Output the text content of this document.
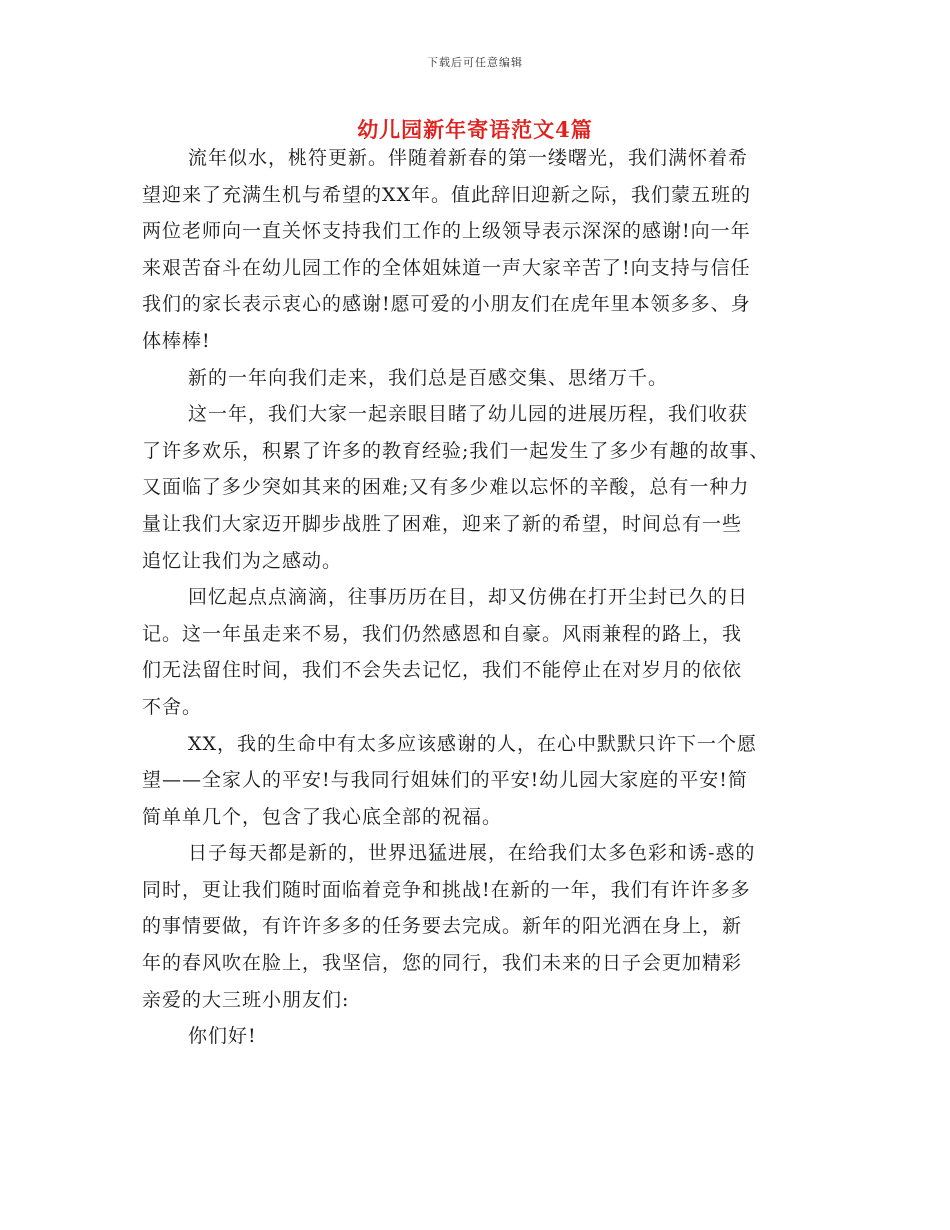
下载后可任意编辑
幼儿园新年寄语范文4篇
流年似水，桃符更新。伴随着新春的第一缕曙光，我们满怀着希
望迎来了充满生机与希望的XX年。值此辞旧迎新之际，我们蒙五班的
两位老师向一直关怀支持我们工作的上级领导表示深深的感谢!向一年
来艰苦奋斗在幼儿园工作的全体姐妹道一声大家辛苦了!向支持与信任
我们的家长表示衷心的感谢!愿可爱的小朋友们在虎年里本领多多、身
体棒棒!
新的一年向我们走来，我们总是百感交集、思绪万千。
这一年，我们大家一起亲眼目睹了幼儿园的进展历程，我们收获
了许多欢乐，积累了许多的教育经验;我们一起发生了多少有趣的故事、
又面临了多少突如其来的困难;又有多少难以忘怀的辛酸，总有一种力
量让我们大家迈开脚步战胜了困难，迎来了新的希望，时间总有一些
追忆让我们为之感动。
回忆起点点滴滴，往事历历在目，却又仿佛在打开尘封已久的日
记。这一年虽走来不易，我们仍然感恩和自豪。风雨兼程的路上，我
们无法留住时间，我们不会失去记忆，我们不能停止在对岁月的依依
不舍。
XX，我的生命中有太多应该感谢的人，在心中默默只许下一个愿
望——全家人的平安!与我同行姐妹们的平安!幼儿园大家庭的平安!简
简单单几个，包含了我心底全部的祝福。
日子每天都是新的，世界迅猛进展，在给我们太多色彩和诱-惑的
同时，更让我们随时面临着竞争和挑战!在新的一年，我们有许许多多
的事情要做，有许许多多的任务要去完成。新年的阳光洒在身上，新
年的春风吹在脸上，我坚信，您的同行，我们未来的日子会更加精彩
亲爱的大三班小朋友们:
你们好!
